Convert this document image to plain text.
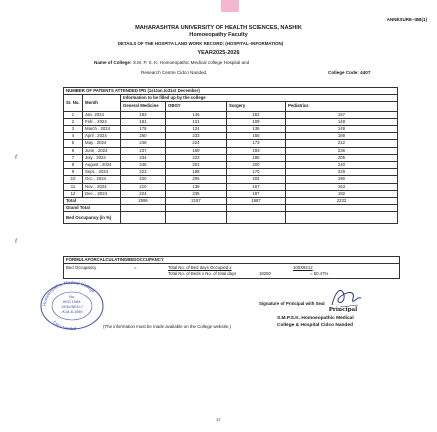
ANNEXURE–IIIB(1)
MAHARASHTRA UNIVERSITY OF HEALTH SCIENCES, NASHIK
Homoeopathy Faculty
DETAILS OF THE HOSPITA LAND WORK RECORD: (HOSPITAL–INFORMATION)
YEAR2025-2026
Name of College: S.M. P. S. K. Homoeopathic Medical college Hospital and
Research Centre Cidco Nanded.	College Code: 4407
ɾ
ɾ
NUMBER OF PATIENTS ATTENDED IPD (1stJan.to31st December)					
Sr. No.	Month	Information to be filled up by the college			
		General Medicine	OBGY	Surgery	Pediatrics
1	Jan. 2024	183	146	152	157
2	Feb. . 2024	181	131	109	148
3	March . 2024	175	124	136	149
4	April . 2024	260	233	155	169
5	May . 2024	248	224	173	212
6	June . 2024	237	169	193	236
7	July . 2024	234	223	186	205
8	August . 2024	246	201	200	240
9	Sept. . 2024	223	198	170	229
10	Oct. . 2024	220	205	204	190
11	Nov. . 2024	210	138	167	163
12	Dec. . 2024	224	235	197	182
Total		2596	2197	1987	2232
Grand Total					
Bed Occupancy (in %)					
FORMULAFORCALCULATINGBEDOCCUPANCY
Bed Occupancy	=	Total No. of Bed days Occupied x
Total No. of Beds x No. of total days
100X9212
18250	= 50.47%
Homoeopathic Medical College
Cidco Nanded
No.
HED 1989-
19/30/NED-7
/K18-8-1989
(The information must be made available on the College website.)
Signature of Principal with Seal
Principal
S.M.P.S.K. Homoeopathic Medical
College & Hospital Cidco Nanded
37
